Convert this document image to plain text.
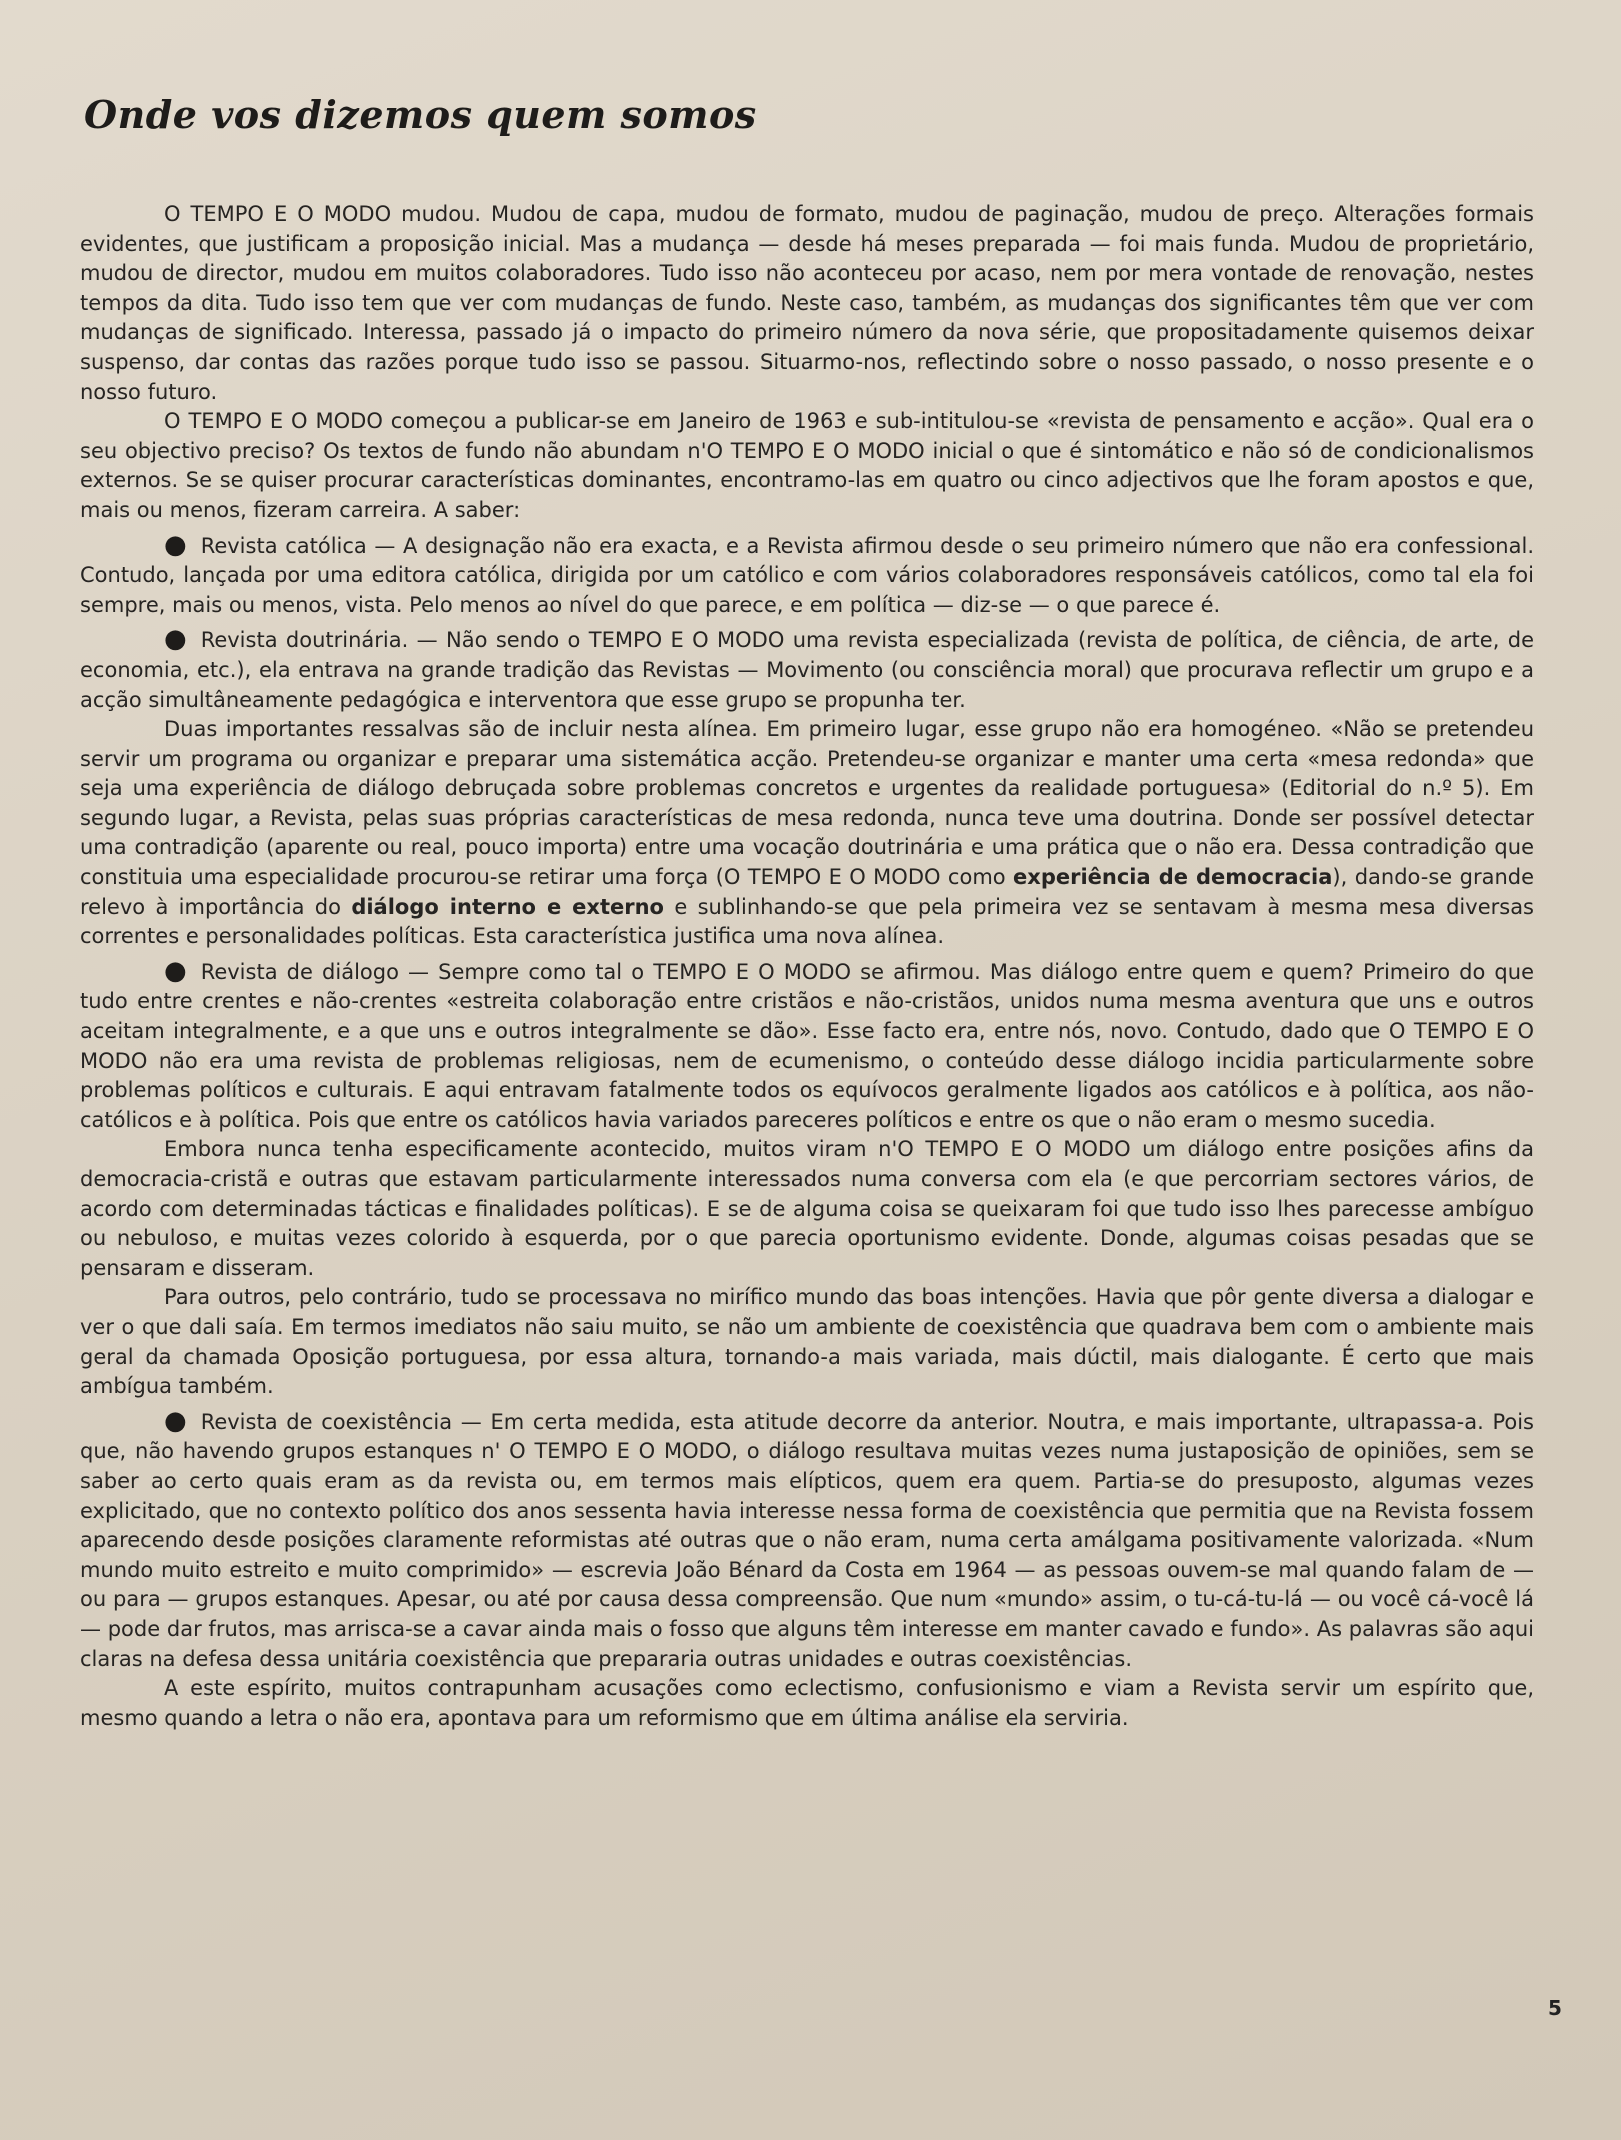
Onde vos dizemos quem somos

O TEMPO E O MODO mudou. Mudou de capa, mudou de formato, mudou de paginação, mudou de preço. Alterações formais evidentes, que justificam a proposição inicial. Mas a mudança — desde há meses preparada — foi mais funda. Mudou de proprietário, mudou de director, mudou em muitos colaboradores. Tudo isso não aconteceu por acaso, nem por mera vontade de renovação, nestes tempos da dita. Tudo isso tem que ver com mudanças de fundo. Neste caso, também, as mudanças dos significantes têm que ver com mudanças de significado. Interessa, passado já o impacto do primeiro número da nova série, que propositadamente quisemos deixar suspenso, dar contas das razões porque tudo isso se passou. Situarmo-nos, reflectindo sobre o nosso passado, o nosso presente e o nosso futuro.

O TEMPO E O MODO começou a publicar-se em Janeiro de 1963 e sub-intitulou-se «revista de pensamento e acção». Qual era o seu objectivo preciso? Os textos de fundo não abundam n'O TEMPO E O MODO inicial o que é sintomático e não só de condicionalismos externos. Se se quiser procurar características dominantes, encontramo-las em quatro ou cinco adjectivos que lhe foram apostos e que, mais ou menos, fizeram carreira. A saber:

● Revista católica — A designação não era exacta, e a Revista afirmou desde o seu primeiro número que não era confessional. Contudo, lançada por uma editora católica, dirigida por um católico e com vários colaboradores responsáveis católicos, como tal ela foi sempre, mais ou menos, vista. Pelo menos ao nível do que parece, e em política — diz-se — o que parece é.

● Revista doutrinária. — Não sendo o TEMPO E O MODO uma revista especializada (revista de política, de ciência, de arte, de economia, etc.), ela entrava na grande tradição das Revistas — Movimento (ou consciência moral) que procurava reflectir um grupo e a acção simultâneamente pedagógica e interventora que esse grupo se propunha ter.

Duas importantes ressalvas são de incluir nesta alínea. Em primeiro lugar, esse grupo não era homogéneo. «Não se pretendeu servir um programa ou organizar e preparar uma sistemática acção. Pretendeu-se organizar e manter uma certa «mesa redonda» que seja uma experiência de diálogo debruçada sobre problemas concretos e urgentes da realidade portuguesa» (Editorial do n.º 5). Em segundo lugar, a Revista, pelas suas próprias características de mesa redonda, nunca teve uma doutrina. Donde ser possível detectar uma contradição (aparente ou real, pouco importa) entre uma vocação doutrinária e uma prática que o não era. Dessa contradição que constituia uma especialidade procurou-se retirar uma força (O TEMPO E O MODO como experiência de democracia), dando-se grande relevo à importância do diálogo interno e externo e sublinhando-se que pela primeira vez se sentavam à mesma mesa diversas correntes e personalidades políticas. Esta característica justifica uma nova alínea.

● Revista de diálogo — Sempre como tal o TEMPO E O MODO se afirmou. Mas diálogo entre quem e quem? Primeiro do que tudo entre crentes e não-crentes «estreita colaboração entre cristãos e não-cristãos, unidos numa mesma aventura que uns e outros aceitam integralmente, e a que uns e outros integralmente se dão». Esse facto era, entre nós, novo. Contudo, dado que O TEMPO E O MODO não era uma revista de problemas religiosas, nem de ecumenismo, o conteúdo desse diálogo incidia particularmente sobre problemas políticos e culturais. E aqui entravam fatalmente todos os equívocos geralmente ligados aos católicos e à política, aos não-católicos e à política. Pois que entre os católicos havia variados pareceres políticos e entre os que o não eram o mesmo sucedia.

Embora nunca tenha especificamente acontecido, muitos viram n'O TEMPO E O MODO um diálogo entre posições afins da democracia-cristã e outras que estavam particularmente interessados numa conversa com ela (e que percorriam sectores vários, de acordo com determinadas tácticas e finalidades políticas). E se de alguma coisa se queixaram foi que tudo isso lhes parecesse ambíguo ou nebuloso, e muitas vezes colorido à esquerda, por o que parecia oportunismo evidente. Donde, algumas coisas pesadas que se pensaram e disseram.

Para outros, pelo contrário, tudo se processava no mirífico mundo das boas intenções. Havia que pôr gente diversa a dialogar e ver o que dali saía. Em termos imediatos não saiu muito, se não um ambiente de coexistência que quadrava bem com o ambiente mais geral da chamada Oposição portuguesa, por essa altura, tornando-a mais variada, mais dúctil, mais dialogante. É certo que mais ambígua também.

● Revista de coexistência — Em certa medida, esta atitude decorre da anterior. Noutra, e mais importante, ultrapassa-a. Pois que, não havendo grupos estanques n' O TEMPO E O MODO, o diálogo resultava muitas vezes numa justaposição de opiniões, sem se saber ao certo quais eram as da revista ou, em termos mais elípticos, quem era quem. Partia-se do presuposto, algumas vezes explicitado, que no contexto político dos anos sessenta havia interesse nessa forma de coexistência que permitia que na Revista fossem aparecendo desde posições claramente reformistas até outras que o não eram, numa certa amálgama positivamente valorizada. «Num mundo muito estreito e muito comprimido» — escrevia João Bénard da Costa em 1964 — as pessoas ouvem-se mal quando falam de — ou para — grupos estanques. Apesar, ou até por causa dessa compreensão. Que num «mundo» assim, o tu-cá-tu-lá — ou você cá-você lá — pode dar frutos, mas arrisca-se a cavar ainda mais o fosso que alguns têm interesse em manter cavado e fundo». As palavras são aqui claras na defesa dessa unitária coexistência que prepararia outras unidades e outras coexistências.

A este espírito, muitos contrapunham acusações como eclectismo, confusionismo e viam a Revista servir um espírito que, mesmo quando a letra o não era, apontava para um reformismo que em última análise ela serviria.

5
